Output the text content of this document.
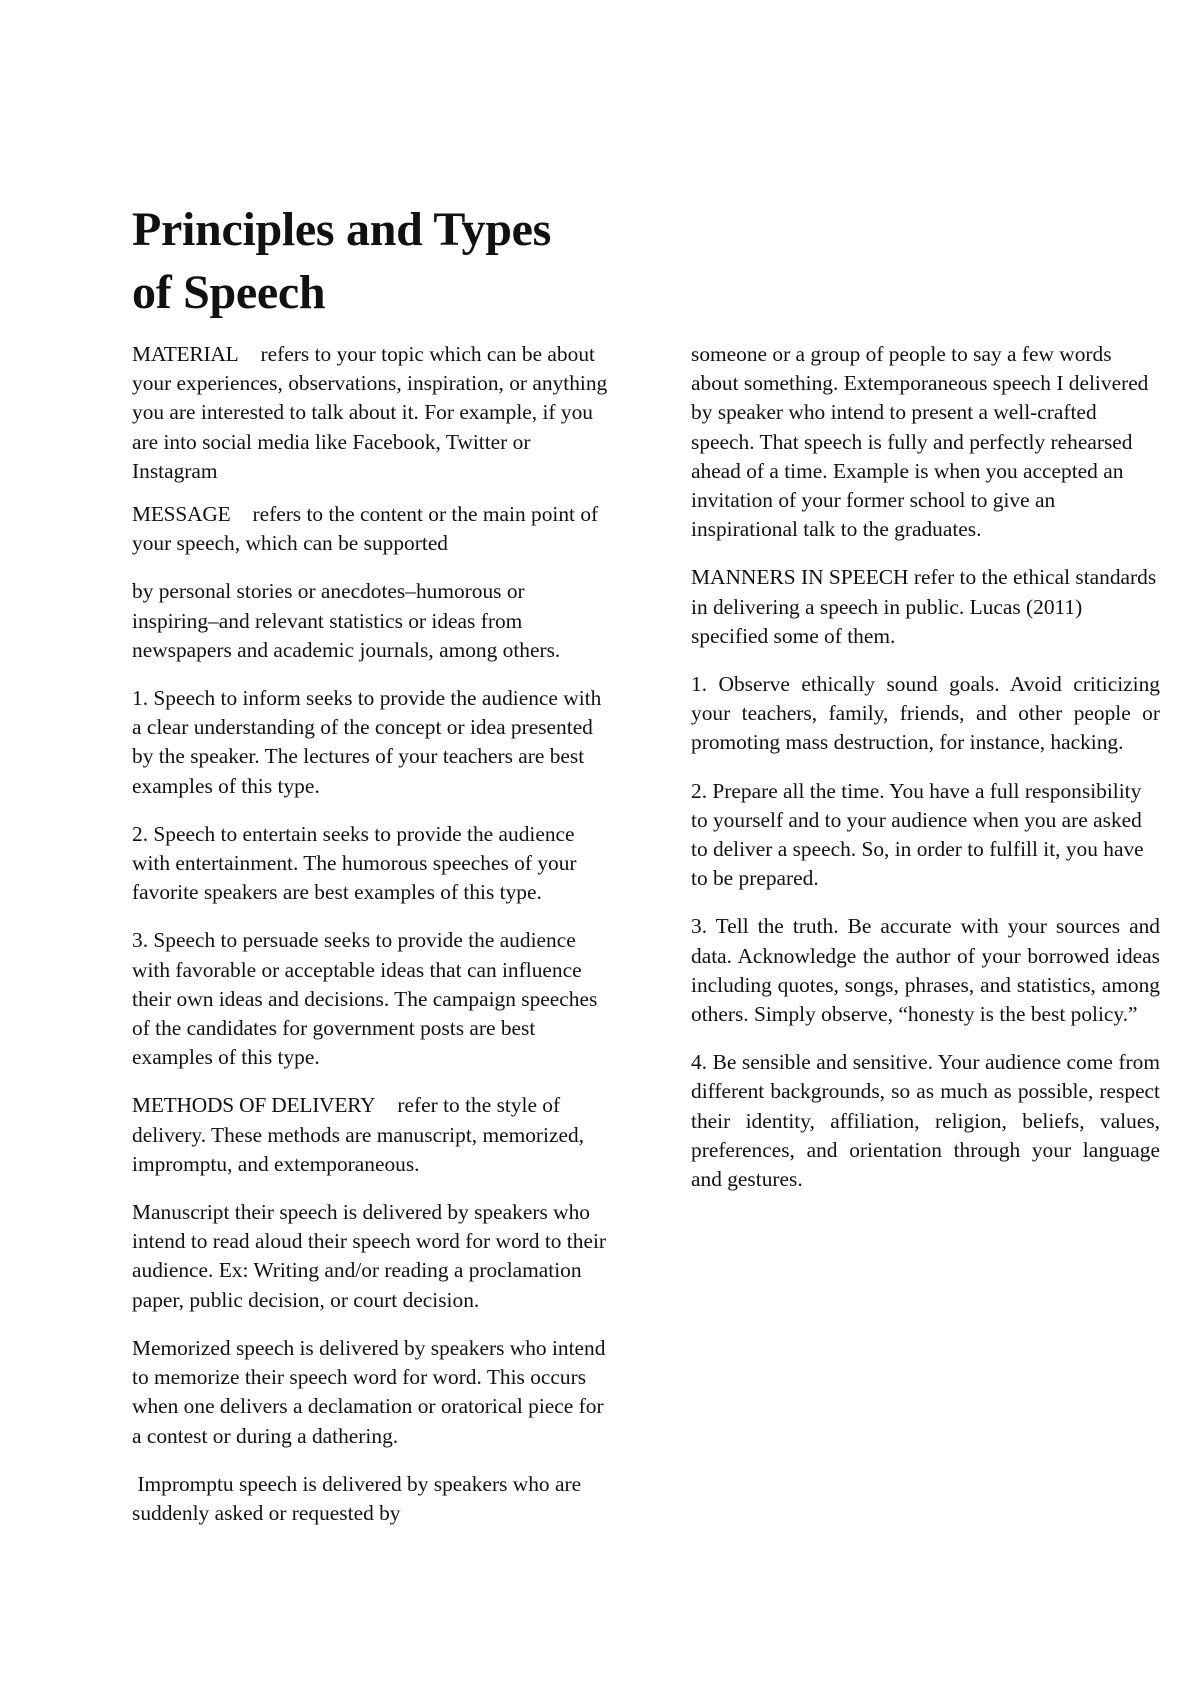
Principles and Types
of Speech

MATERIAL refers to your topic which can be about your experiences, observations, inspiration, or anything you are interested to talk about it. For example, if you are into social media like Facebook, Twitter or Instagram

MESSAGE refers to the content or the main point of your speech, which can be supported

by personal stories or anecdotes–humorous or inspiring–and relevant statistics or ideas from newspapers and academic journals, among others.

1. Speech to inform seeks to provide the audience with a clear understanding of the concept or idea presented by the speaker. The lectures of your teachers are best examples of this type.

2. Speech to entertain seeks to provide the audience with entertainment. The humorous speeches of your favorite speakers are best examples of this type.

3. Speech to persuade seeks to provide the audience with favorable or acceptable ideas that can influence their own ideas and decisions. The campaign speeches of the candidates for government posts are best examples of this type.

METHODS OF DELIVERY refer to the style of delivery. These methods are manuscript, memorized, impromptu, and extemporaneous.

Manuscript their speech is delivered by speakers who intend to read aloud their speech word for word to their audience. Ex: Writing and/or reading a proclamation paper, public decision, or court decision.

Memorized speech is delivered by speakers who intend to memorize their speech word for word. This occurs when one delivers a declamation or oratorical piece for a contest or during a dathering.

Impromptu speech is delivered by speakers who are suddenly asked or requested by

someone or a group of people to say a few words about something. Extemporaneous speech I delivered by speaker who intend to present a well-crafted speech. That speech is fully and perfectly rehearsed ahead of a time. Example is when you accepted an invitation of your former school to give an inspirational talk to the graduates.

MANNERS IN SPEECH refer to the ethical standards in delivering a speech in public. Lucas (2011) specified some of them.

1. Observe ethically sound goals. Avoid criticizing your teachers, family, friends, and other people or promoting mass destruction, for instance, hacking.

2. Prepare all the time. You have a full responsibility to yourself and to your audience when you are asked to deliver a speech. So, in order to fulfill it, you have to be prepared.

3. Tell the truth. Be accurate with your sources and data. Acknowledge the author of your borrowed ideas including quotes, songs, phrases, and statistics, among others. Simply observe, “honesty is the best policy.”

4. Be sensible and sensitive. Your audience come from different backgrounds, so as much as possible, respect their identity, affiliation, religion, beliefs, values, preferences, and orientation through your language and gestures.
